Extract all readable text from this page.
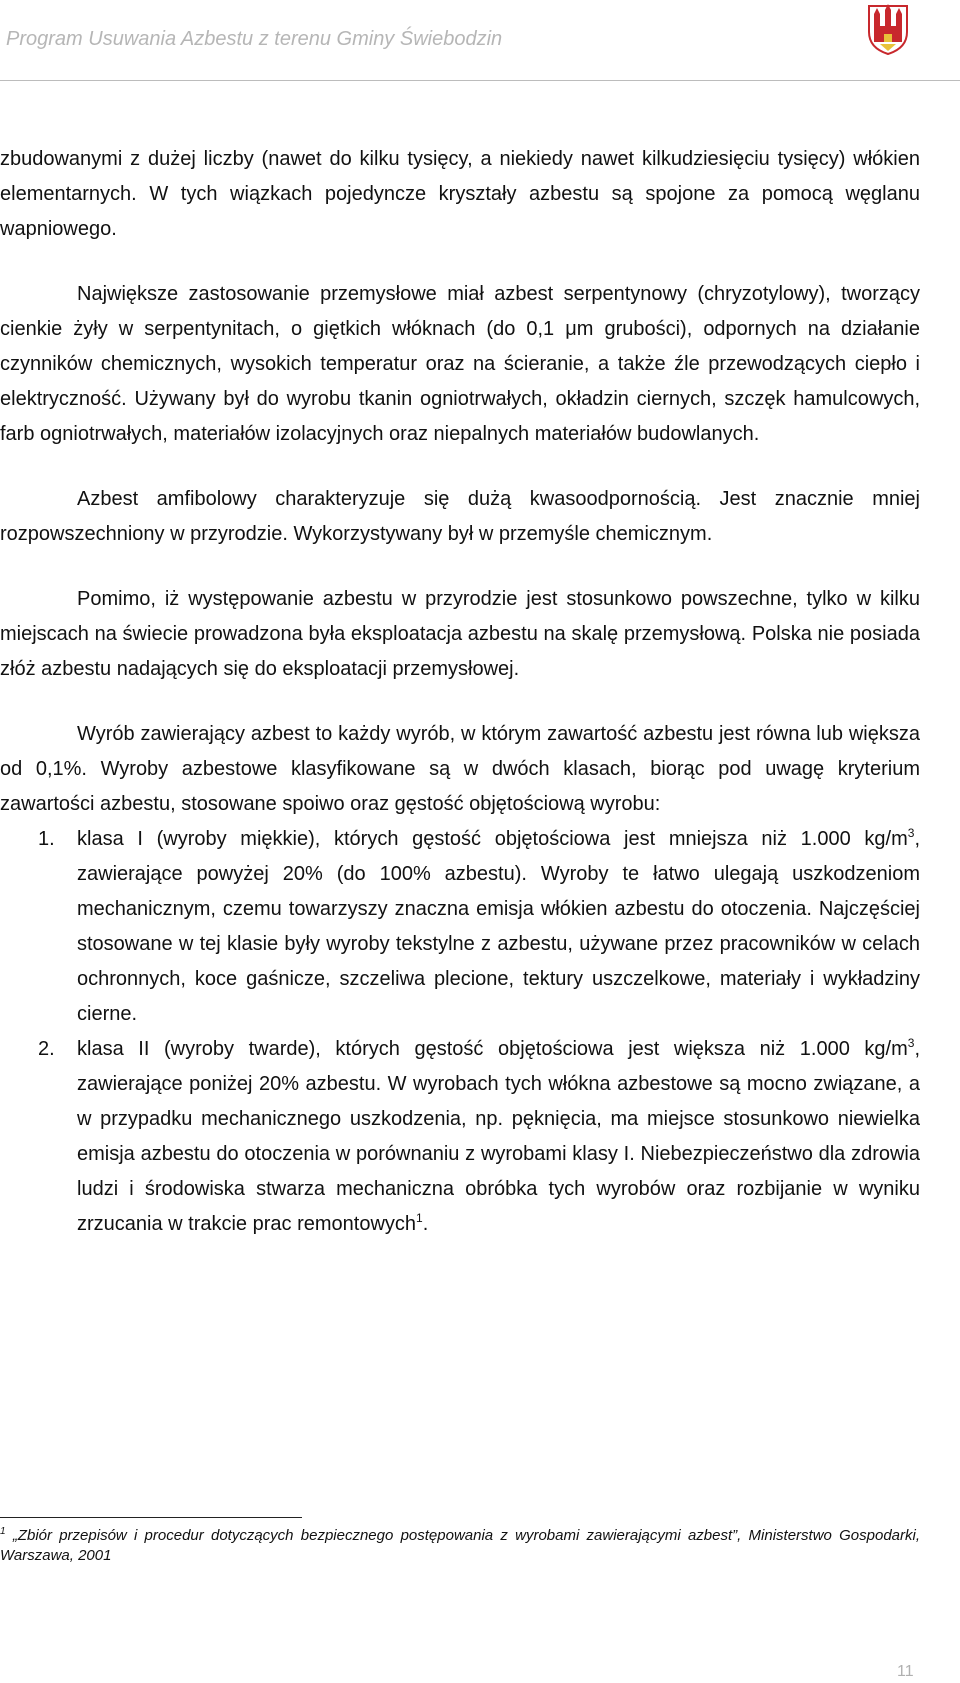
Program Usuwania Azbestu z terenu Gminy Świebodzin

zbudowanymi z dużej liczby (nawet do kilku tysięcy, a niekiedy nawet kilkudziesięciu tysięcy) włókien elementarnych. W tych wiązkach pojedyncze kryształy azbestu są spojone za pomocą węglanu wapniowego.

Największe zastosowanie przemysłowe miał azbest serpentynowy (chryzotylowy), tworzący cienkie żyły w serpentynitach, o giętkich włóknach (do 0,1 μm grubości), odpornych na działanie czynników chemicznych, wysokich temperatur oraz na ścieranie, a także źle przewodzących ciepło i elektryczność. Używany był do wyrobu tkanin ogniotrwałych, okładzin ciernych, szczęk hamulcowych, farb ogniotrwałych, materiałów izolacyjnych oraz niepalnych materiałów budowlanych.

Azbest amfibolowy charakteryzuje się dużą kwasoodpornością. Jest znacznie mniej rozpowszechniony w przyrodzie. Wykorzystywany był w przemyśle chemicznym.

Pomimo, iż występowanie azbestu w przyrodzie jest stosunkowo powszechne, tylko w kilku miejscach na świecie prowadzona była eksploatacja azbestu na skalę przemysłową. Polska nie posiada złóż azbestu nadających się do eksploatacji przemysłowej.

Wyrób zawierający azbest to każdy wyrób, w którym zawartość azbestu jest równa lub większa od 0,1%. Wyroby azbestowe klasyfikowane są w dwóch klasach, biorąc pod uwagę kryterium zawartości azbestu, stosowane spoiwo oraz gęstość objętościową wyrobu:

1. klasa I (wyroby miękkie), których gęstość objętościowa jest mniejsza niż 1.000 $kg/m^3$, zawierające powyżej 20% (do 100% azbestu). Wyroby te łatwo ulegają uszkodzeniom mechanicznym, czemu towarzyszy znaczna emisja włókien azbestu do otoczenia. Najczęściej stosowane w tej klasie były wyroby tekstylne z azbestu, używane przez pracowników w celach ochronnych, koce gaśnicze, szczeliwa plecione, tektury uszczelkowe, materiały i wykładziny cierne.
2. klasa II (wyroby twarde), których gęstość objętościowa jest większa niż 1.000 $kg/m^3$, zawierające poniżej 20% azbestu. W wyrobach tych włókna azbestowe są mocno związane, a w przypadku mechanicznego uszkodzenia, np. pęknięcia, ma miejsce stosunkowo niewielka emisja azbestu do otoczenia w porównaniu z wyrobami klasy I. Niebezpieczeństwo dla zdrowia ludzi i środowiska stwarza mechaniczna obróbka tych wyrobów oraz rozbijanie w wyniku zrzucania w trakcie prac remontowych$^1$.
$^1$ „Zbiór przepisów i procedur dotyczących bezpiecznego postępowania z wyrobami zawierającymi azbest”, Ministerstwo Gospodarki, Warszawa, 2001
11
